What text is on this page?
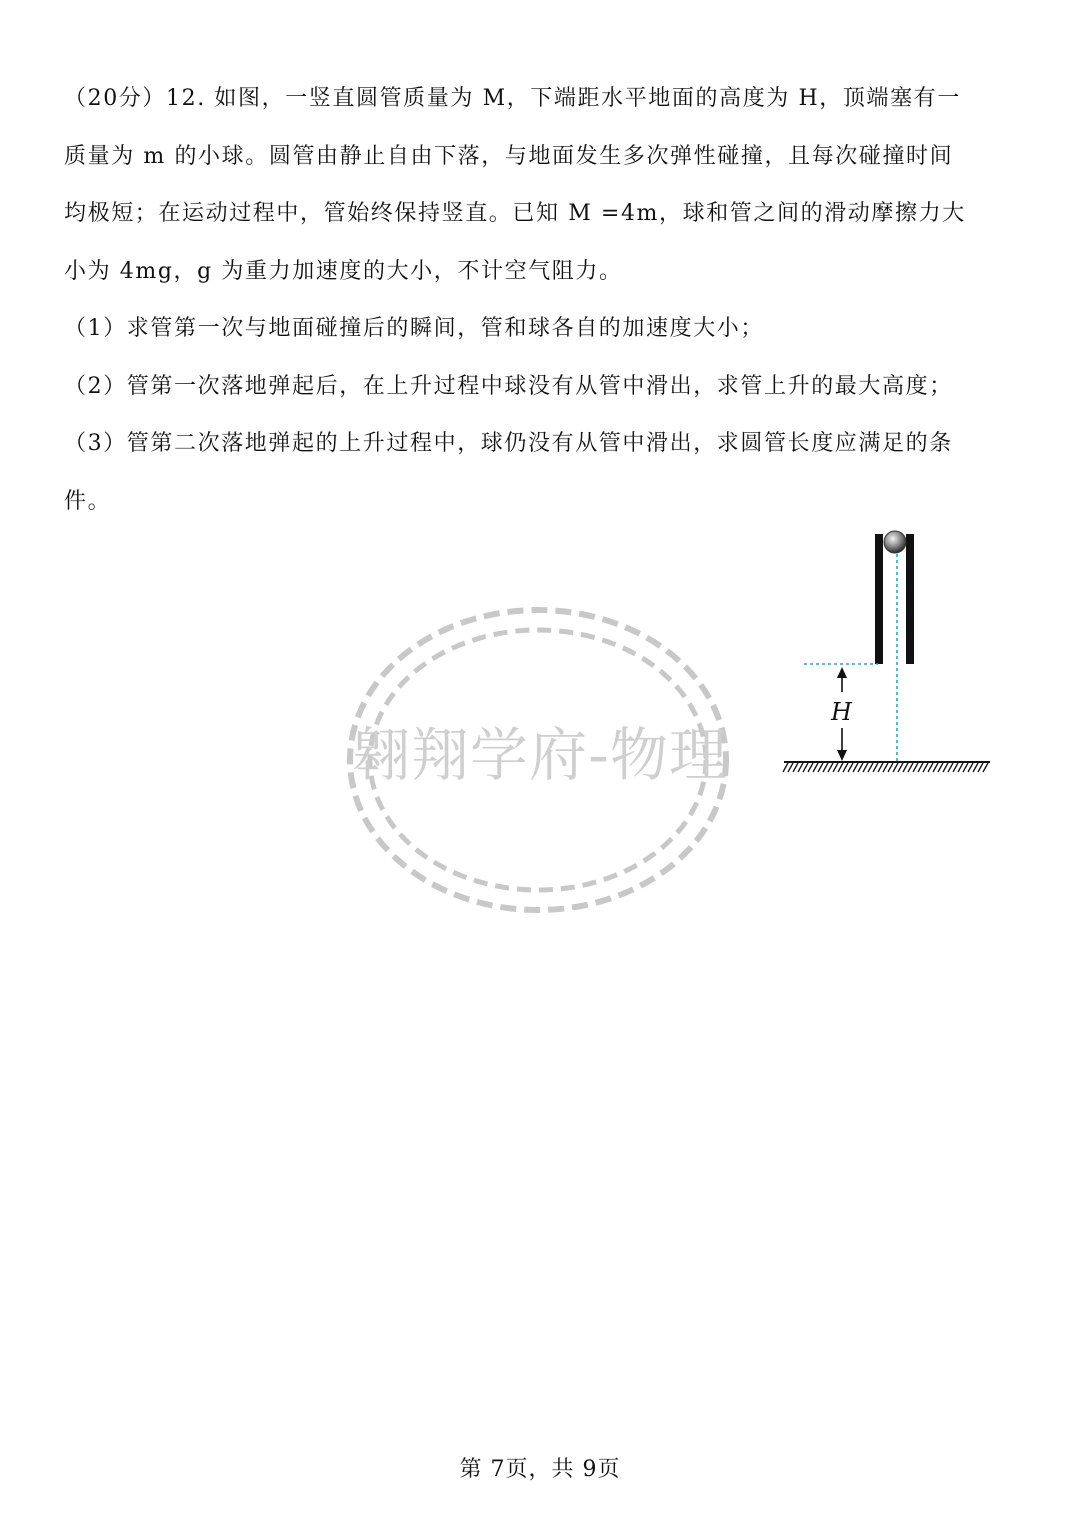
（20分）12. 如图，一竖直圆管质量为 M，下端距水平地面的高度为 H，顶端塞有一
质量为 m 的小球。圆管由静止自由下落，与地面发生多次弹性碰撞，且每次碰撞时间
均极短；在运动过程中，管始终保持竖直。已知 M =4m，球和管之间的滑动摩擦力大
小为 4mg，g 为重力加速度的大小，不计空气阻力。
（1）求管第一次与地面碰撞后的瞬间，管和球各自的加速度大小；
（2）管第一次落地弹起后，在上升过程中球没有从管中滑出，求管上升的最大高度；
（3）管第二次落地弹起的上升过程中，球仍没有从管中滑出，求圆管长度应满足的条
件。
翱翔学府-物理
H
第 7页，共 9页
